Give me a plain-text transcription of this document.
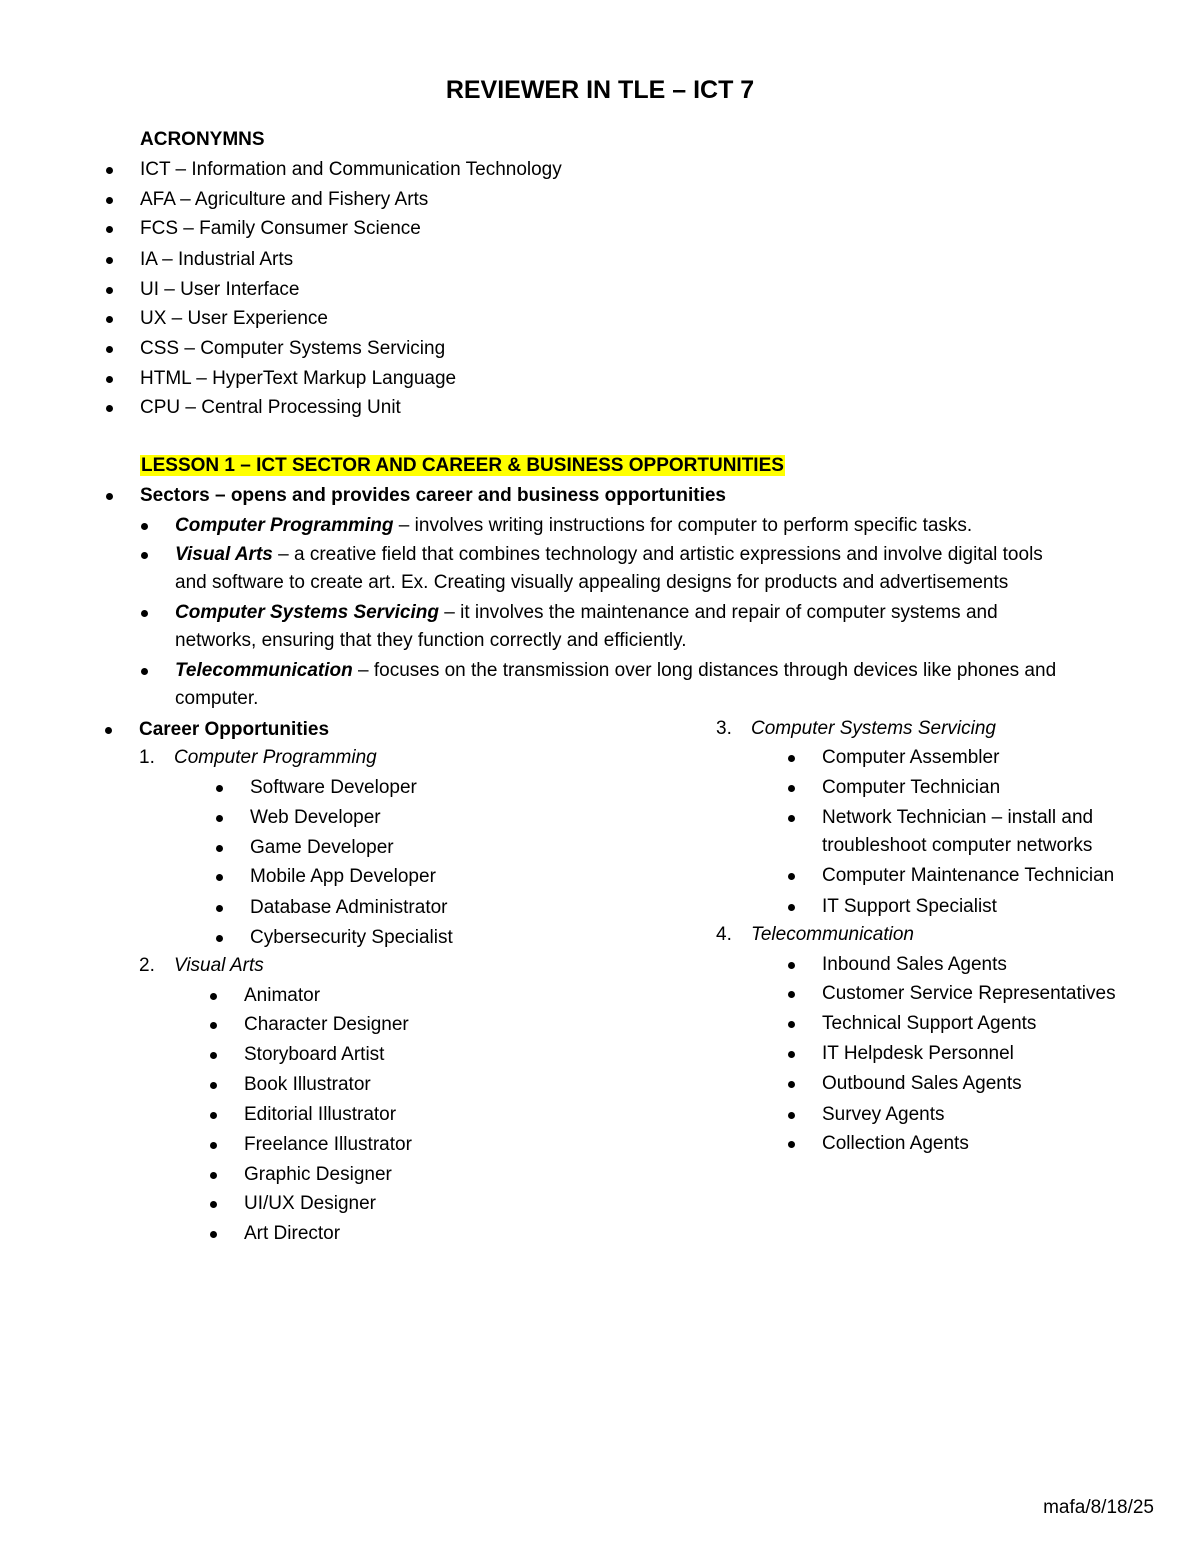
REVIEWER IN TLE – ICT 7
ACRONYMNS
ICT – Information and Communication Technology
AFA – Agriculture and Fishery Arts
FCS – Family Consumer Science
IA – Industrial Arts
UI – User Interface
UX – User Experience
CSS – Computer Systems Servicing
HTML – HyperText Markup Language
CPU – Central Processing Unit
LESSON 1 – ICT SECTOR AND CAREER & BUSINESS OPPORTUNITIES
Sectors – opens and provides career and business opportunities
Computer Programming – involves writing instructions for computer to perform specific tasks.
Visual Arts – a creative field that combines technology and artistic expressions and involve digital tools
and software to create art. Ex. Creating visually appealing designs for products and advertisements
Computer Systems Servicing – it involves the maintenance and repair of computer systems and
networks, ensuring that they function correctly and efficiently.
Telecommunication – focuses on the transmission over long distances through devices like phones and
computer.
Career Opportunities
1. Computer Programming
Software Developer
Web Developer
Game Developer
Mobile App Developer
Database Administrator
Cybersecurity Specialist
2. Visual Arts
Animator
Character Designer
Storyboard Artist
Book Illustrator
Editorial Illustrator
Freelance Illustrator
Graphic Designer
UI/UX Designer
Art Director
3. Computer Systems Servicing
Computer Assembler
Computer Technician
Network Technician – install and
troubleshoot computer networks
Computer Maintenance Technician
IT Support Specialist
4. Telecommunication
Inbound Sales Agents
Customer Service Representatives
Technical Support Agents
IT Helpdesk Personnel
Outbound Sales Agents
Survey Agents
Collection Agents
mafa/8/18/25
